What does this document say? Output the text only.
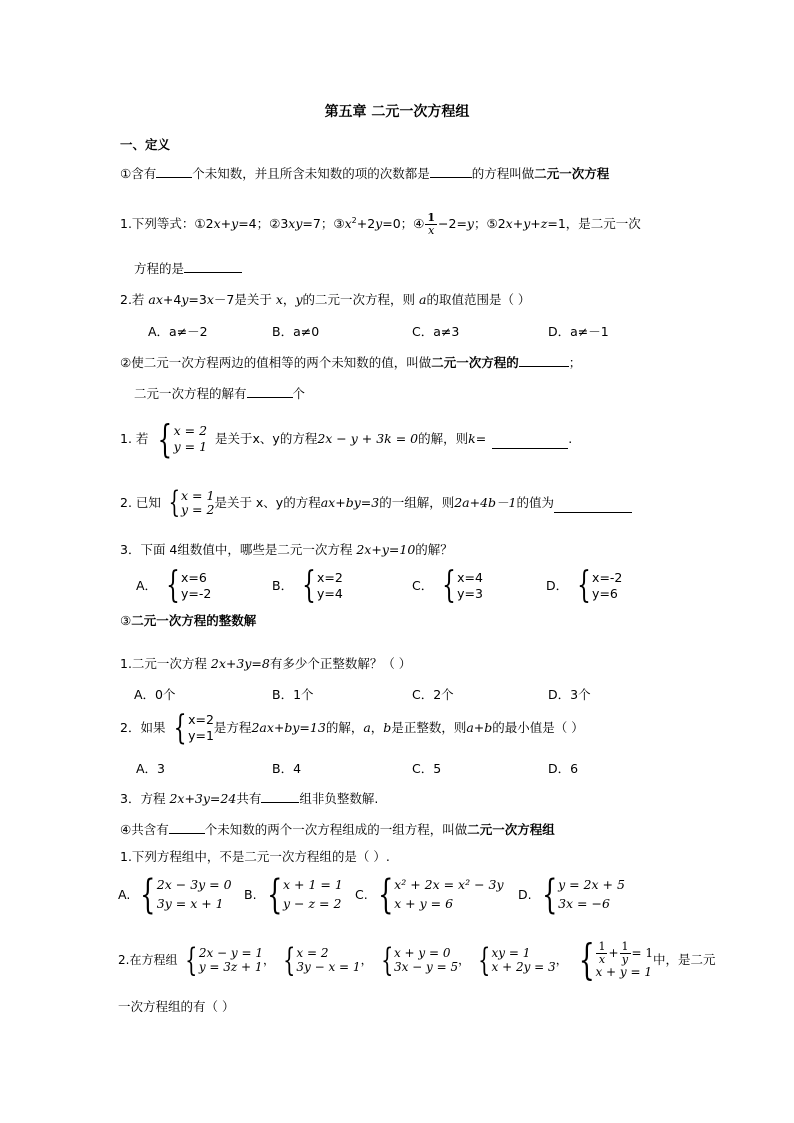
第五章 二元一次方程组
一、定义
①含有	个未知数，并且所含未知数的项的次数都是	的方程叫做二元一次方程
1.下列等式：①2x+y=4；②3xy=7；$③x^2+2y=0$；④ $\frac{1}{x} -2=y$；⑤2x+y+z=1，是二元一次
方程的是
2.若 ax+4y=3x－7是关于 x，y的二元一次方程，则 a的取值范围是（ ）
A．a≠－2	B．a≠0	C．a≠3	D．a≠－1
②使二元一次方程两边的值相等的两个未知数的值，叫做二元一次方程的	；
二元一次方程的解有	个
1. 若 { x = 2
y = 1
是关于x、y的方程 2x − y + 3k = 0 的解，则 k =
	.
2. 已知 { x = 1
y = 2 是关于 x、y的方程 ax+by=3 的一组解，则 2a+4b－1 的值为

3．下面 4组数值中，哪些是二元一次方程 2x+y=10的解？
A． { x=6
y=-2
B． { x=2
y=4
C． { x=4
y=3
D． { x=-2
y=6
③二元一次方程的整数解
1.二元一次方程 2x+3y=8有多少个正整数解？（ ）
A．0个	B．1个	C．2个	D．3个
2．如果 { x=2
y=1
是方程 2ax+by=13 的解， a ， b 是正整数，则 a+b 的最小值是（ ）
A．3	B．4	C．5	D．6
3．方程 2x+3y=24共有	组非负整数解.
④共含有	个未知数的两个一次方程组成的一组方程，叫做二元一次方程组
1.下列方程组中，不是二元一次方程组的是（ ）.
A. { 2x − 3y = 0
3y = x + 1
B. { x + 1 = 1
y − z = 2
C. { x² + 2x = x² − 3y
x + y = 6
D. { y = 2x + 5
3x = −6
2.在方程组 { 2x − y = 1
y = 3z + 1 ， { x = 2
3y − x = 1 ， { x + y = 0
3x − y = 5 ， { xy = 1
x + 2y = 3 ， { $\frac{1}{x} + \frac{1}{y} = 1$
x + y = 1
中，是二元
一次方程组的有（ ）
